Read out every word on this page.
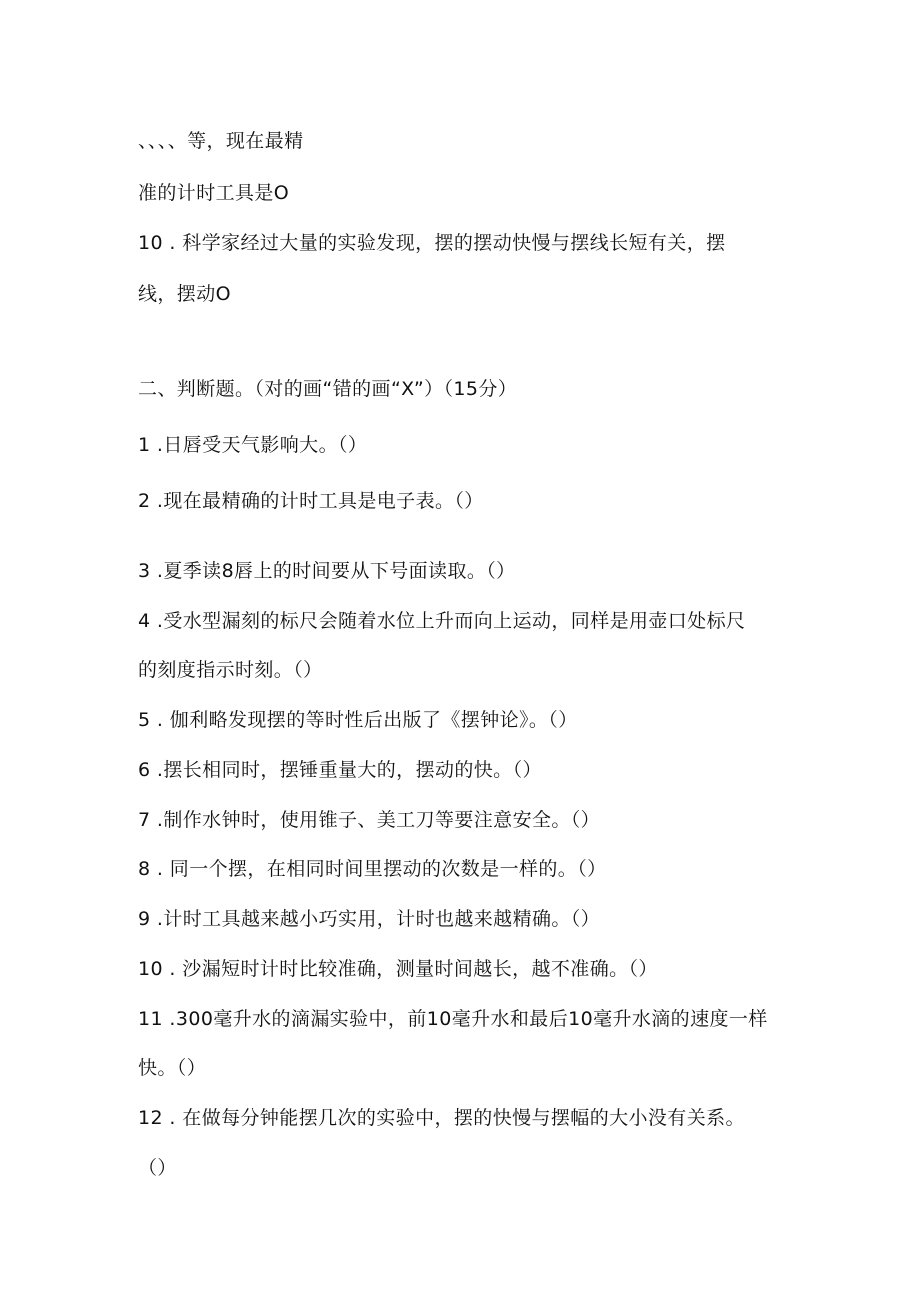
、、、、等，现在最精
准的计时工具是O
10 . 科学家经过大量的实验发现，摆的摆动快慢与摆线长短有关，摆
线，摆动O
二、判断题。（对的画“错的画“X”）（15分）
1 .日唇受天气影响大。（）
2 .现在最精确的计时工具是电子表。（）
3 .夏季读8唇上的时间要从下号面读取。（）
4 .受水型漏刻的标尺会随着水位上升而向上运动，同样是用壶口处标尺
的刻度指示时刻。（）
5 . 伽利略发现摆的等时性后出版了《摆钟论》。（）
6 .摆长相同时，摆锤重量大的，摆动的快。（）
7 .制作水钟时，使用锥子、美工刀等要注意安全。（）
8 . 同一个摆，在相同时间里摆动的次数是一样的。（）
9 .计时工具越来越小巧实用，计时也越来越精确。（）
10 . 沙漏短时计时比较准确，测量时间越长，越不准确。（）
11 .300毫升水的滴漏实验中，前10毫升水和最后10毫升水滴的速度一样
快。（）
12 . 在做每分钟能摆几次的实验中，摆的快慢与摆幅的大小没有关系。
（）
